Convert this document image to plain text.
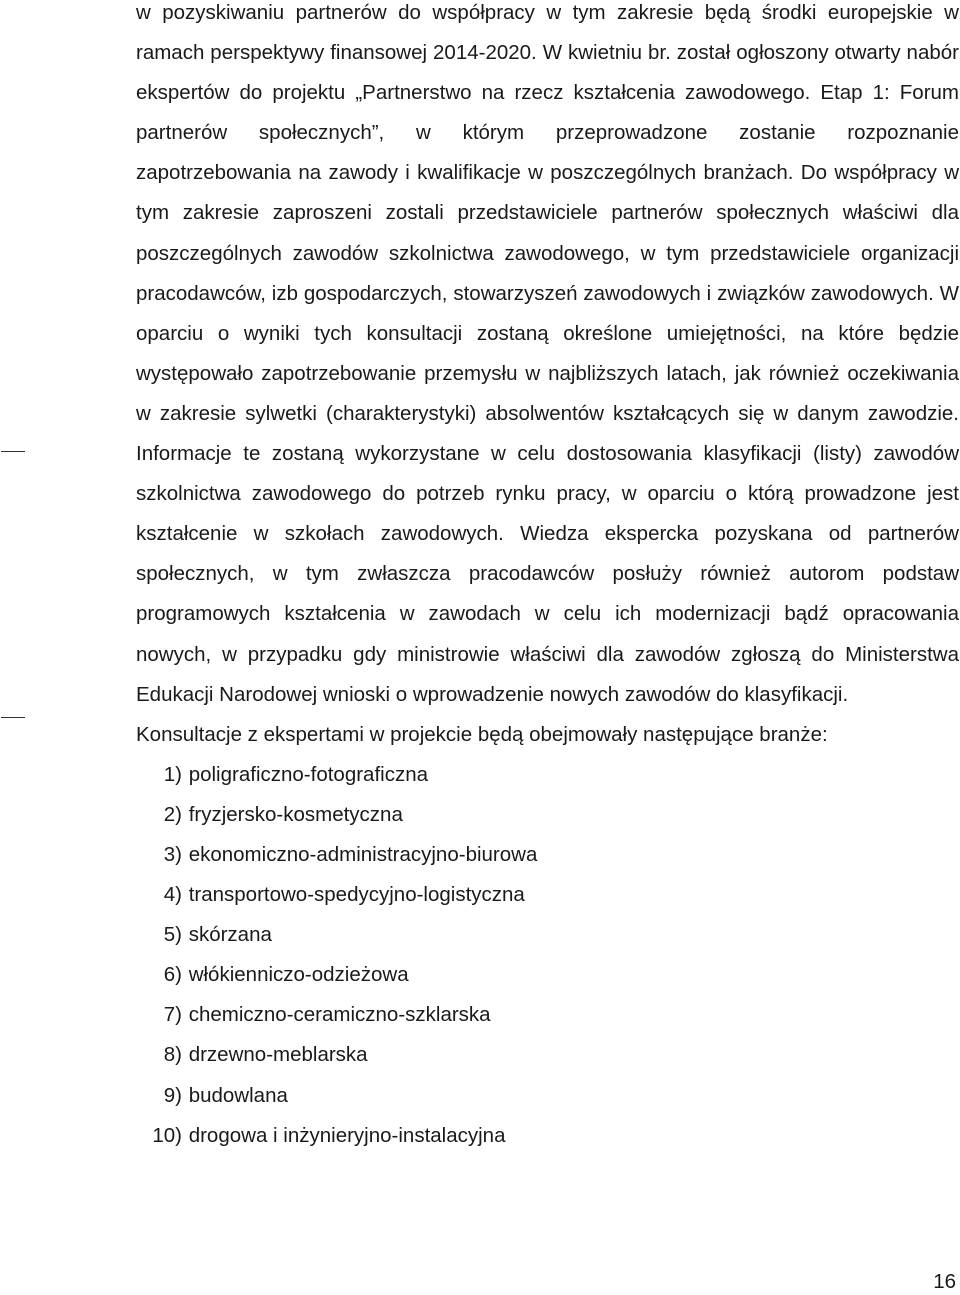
w pozyskiwaniu partnerów do współpracy w tym zakresie będą środki europejskie w ramach perspektywy finansowej 2014-2020. W kwietniu br. został ogłoszony otwarty nabór ekspertów do projektu „Partnerstwo na rzecz kształcenia zawodowego. Etap 1: Forum partnerów społecznych”, w którym przeprowadzone zostanie rozpoznanie zapotrzebowania na zawody i kwalifikacje w poszczególnych branżach. Do współpracy w tym zakresie zaproszeni zostali przedstawiciele partnerów społecznych właściwi dla poszczególnych zawodów szkolnictwa zawodowego, w tym przedstawiciele organizacji pracodawców, izb gospodarczych, stowarzyszeń zawodowych i związków zawodowych. W oparciu o wyniki tych konsultacji zostaną określone umiejętności, na które będzie występowało zapotrzebowanie przemysłu w najbliższych latach, jak również oczekiwania w zakresie sylwetki (charakterystyki) absolwentów kształcących się w danym zawodzie. Informacje te zostaną wykorzystane w celu dostosowania klasyfikacji (listy) zawodów szkolnictwa zawodowego do potrzeb rynku pracy, w oparciu o którą prowadzone jest kształcenie w szkołach zawodowych. Wiedza ekspercka pozyskana od partnerów społecznych, w tym zwłaszcza pracodawców posłuży również autorom podstaw programowych kształcenia w zawodach w celu ich modernizacji bądź opracowania nowych, w przypadku gdy ministrowie właściwi dla zawodów zgłoszą do Ministerstwa Edukacji Narodowej wnioski o wprowadzenie nowych zawodów do klasyfikacji.

Konsultacje z ekspertami w projekcie będą obejmowały następujące branże:

1)
poligraficzno-fotograficzna
2)
fryzjersko-kosmetyczna
3)
ekonomiczno-administracyjno-biurowa
4)
transportowo-spedycyjno-logistyczna
5)
skórzana
6)
włókienniczo-odzieżowa
7)
chemiczno-ceramiczno-szklarska
8)
drzewno-meblarska
9)
budowlana
10)
drogowa i inżynieryjno-instalacyjna
16
